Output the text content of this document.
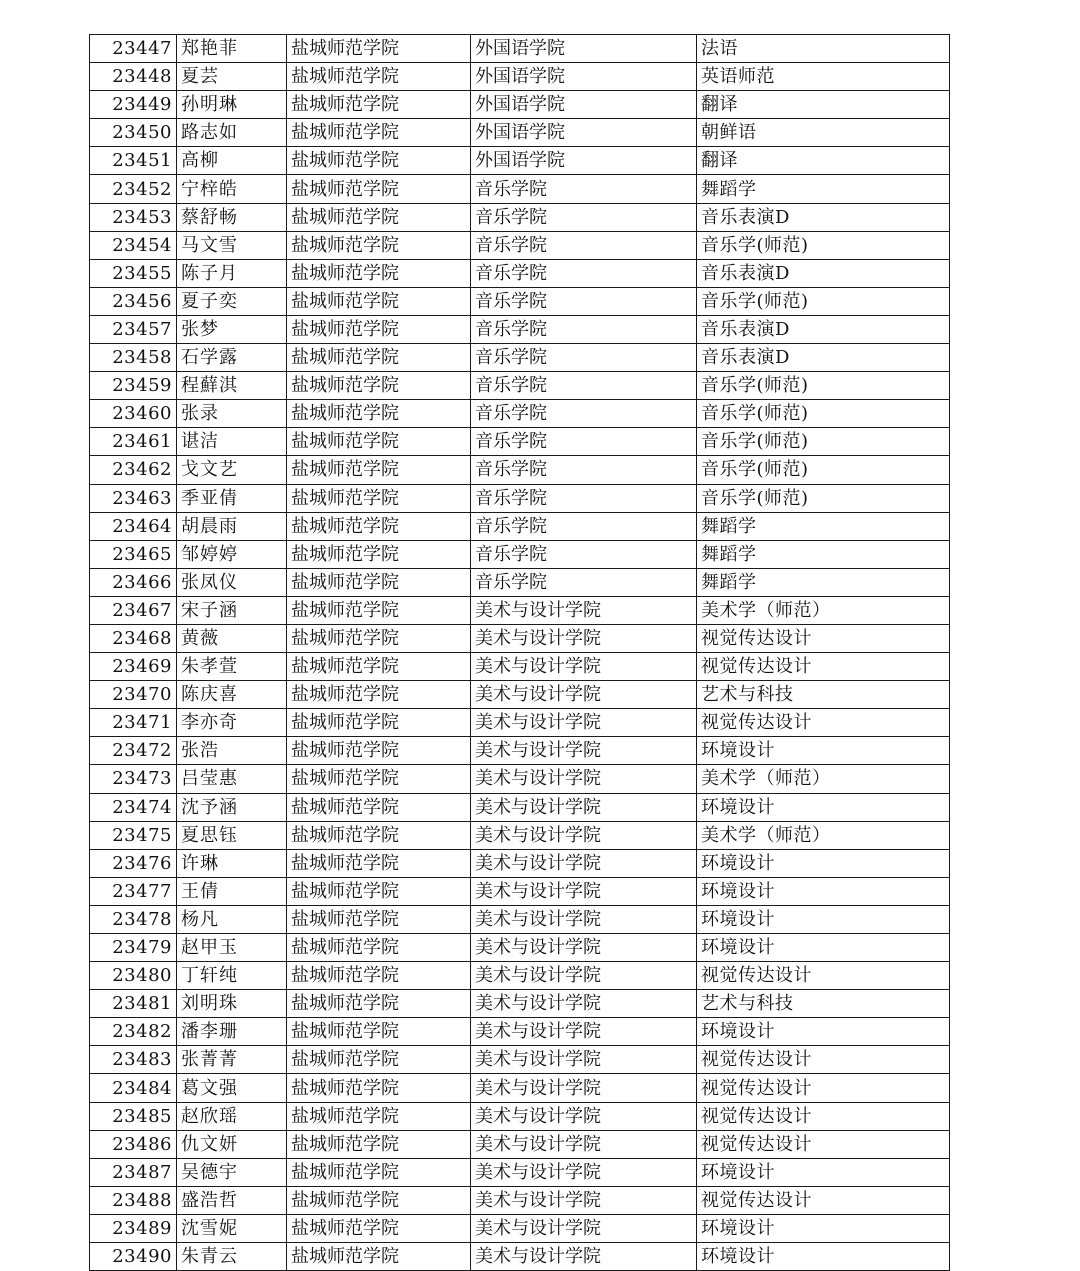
23447	郑艳菲	盐城师范学院	外国语学院	法语
23448	夏芸	盐城师范学院	外国语学院	英语师范
23449	孙明琳	盐城师范学院	外国语学院	翻译
23450	路志如	盐城师范学院	外国语学院	朝鲜语
23451	高柳	盐城师范学院	外国语学院	翻译
23452	宁梓皓	盐城师范学院	音乐学院	舞蹈学
23453	蔡舒畅	盐城师范学院	音乐学院	音乐表演D
23454	马文雪	盐城师范学院	音乐学院	音乐学(师范)
23455	陈子月	盐城师范学院	音乐学院	音乐表演D
23456	夏子奕	盐城师范学院	音乐学院	音乐学(师范)
23457	张梦	盐城师范学院	音乐学院	音乐表演D
23458	石学露	盐城师范学院	音乐学院	音乐表演D
23459	程蘚淇	盐城师范学院	音乐学院	音乐学(师范)
23460	张录	盐城师范学院	音乐学院	音乐学(师范)
23461	谌洁	盐城师范学院	音乐学院	音乐学(师范)
23462	戈文艺	盐城师范学院	音乐学院	音乐学(师范)
23463	季亚倩	盐城师范学院	音乐学院	音乐学(师范)
23464	胡晨雨	盐城师范学院	音乐学院	舞蹈学
23465	邹婷婷	盐城师范学院	音乐学院	舞蹈学
23466	张凤仪	盐城师范学院	音乐学院	舞蹈学
23467	宋子涵	盐城师范学院	美术与设计学院	美术学（师范）
23468	黄薇	盐城师范学院	美术与设计学院	视觉传达设计
23469	朱孝萱	盐城师范学院	美术与设计学院	视觉传达设计
23470	陈庆喜	盐城师范学院	美术与设计学院	艺术与科技
23471	李亦奇	盐城师范学院	美术与设计学院	视觉传达设计
23472	张浩	盐城师范学院	美术与设计学院	环境设计
23473	吕莹惠	盐城师范学院	美术与设计学院	美术学（师范）
23474	沈予涵	盐城师范学院	美术与设计学院	环境设计
23475	夏思钰	盐城师范学院	美术与设计学院	美术学（师范）
23476	许琳	盐城师范学院	美术与设计学院	环境设计
23477	王倩	盐城师范学院	美术与设计学院	环境设计
23478	杨凡	盐城师范学院	美术与设计学院	环境设计
23479	赵甲玉	盐城师范学院	美术与设计学院	环境设计
23480	丁轩纯	盐城师范学院	美术与设计学院	视觉传达设计
23481	刘明珠	盐城师范学院	美术与设计学院	艺术与科技
23482	潘李珊	盐城师范学院	美术与设计学院	环境设计
23483	张菁菁	盐城师范学院	美术与设计学院	视觉传达设计
23484	葛文强	盐城师范学院	美术与设计学院	视觉传达设计
23485	赵欣瑶	盐城师范学院	美术与设计学院	视觉传达设计
23486	仇文妍	盐城师范学院	美术与设计学院	视觉传达设计
23487	吴德宇	盐城师范学院	美术与设计学院	环境设计
23488	盛浩哲	盐城师范学院	美术与设计学院	视觉传达设计
23489	沈雪妮	盐城师范学院	美术与设计学院	环境设计
23490	朱青云	盐城师范学院	美术与设计学院	环境设计
